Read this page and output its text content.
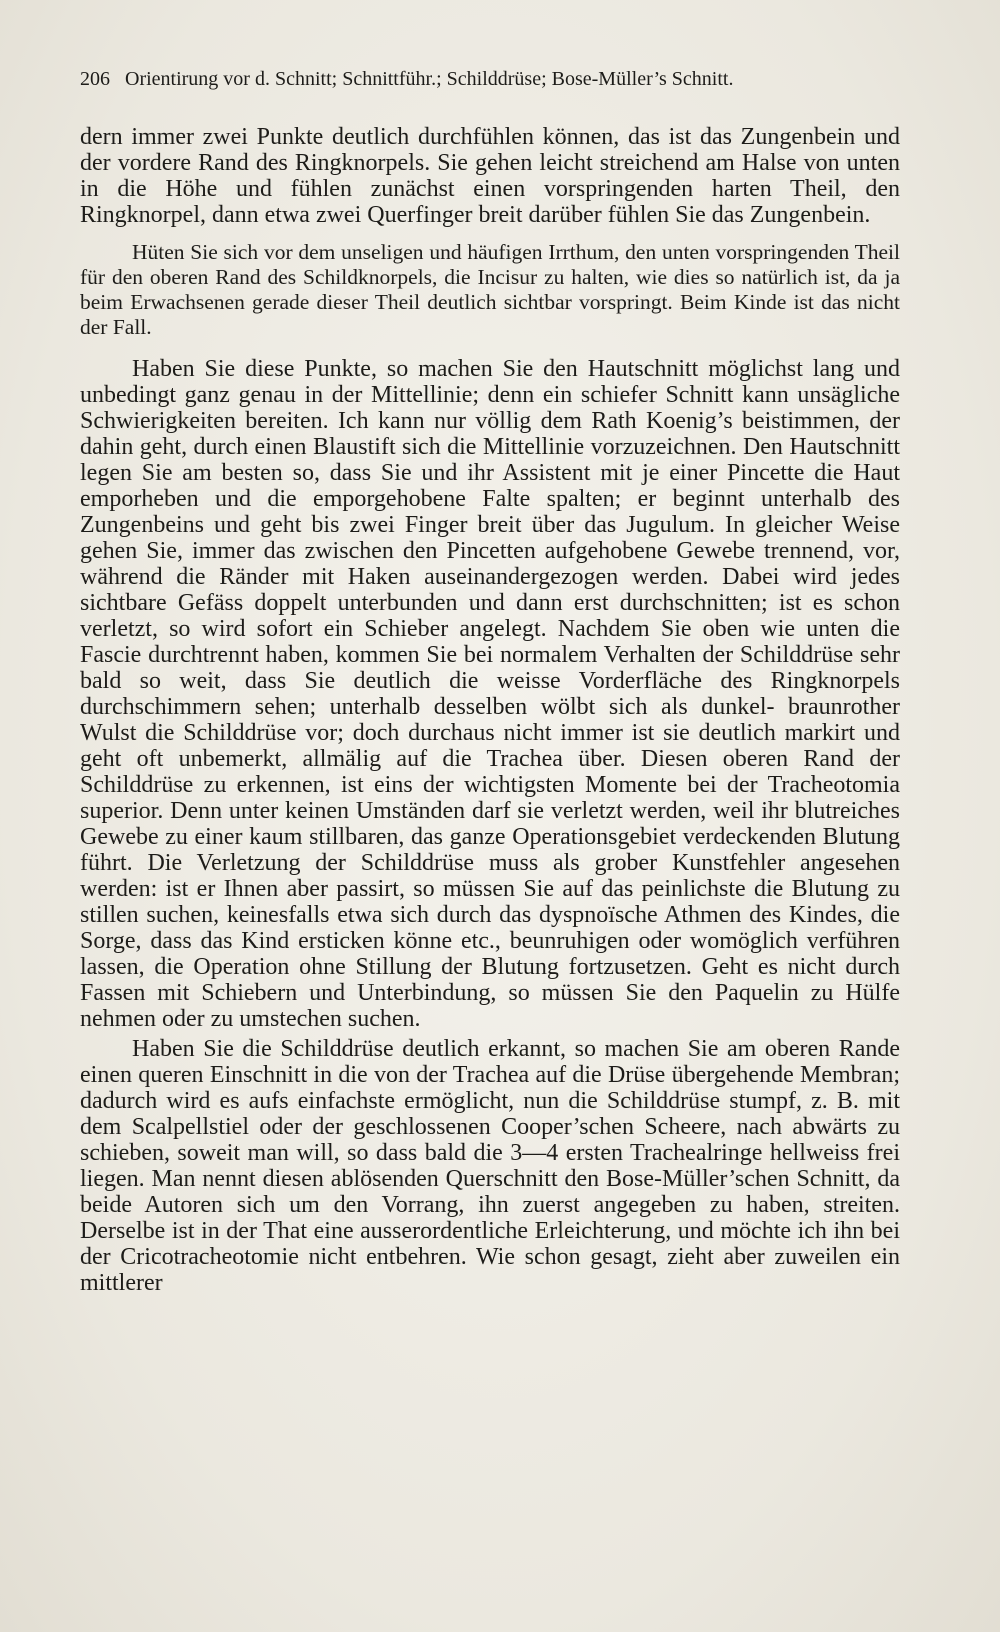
206 Orientirung vor d. Schnitt; Schnittführ.; Schilddrüse; Bose-Müller’s Schnitt.

dern immer zwei Punkte deutlich durchfühlen können, das ist das Zungenbein und der vordere Rand des Ringknorpels. Sie gehen leicht streichend am Halse von unten in die Höhe und fühlen zunächst einen vorspringenden harten Theil, den Ringknorpel, dann etwa zwei Querfinger breit darüber fühlen Sie das Zungenbein.

Hüten Sie sich vor dem unseligen und häufigen Irrthum, den unten vorspringenden Theil für den oberen Rand des Schildknorpels, die Incisur zu halten, wie dies so natürlich ist, da ja beim Erwachsenen gerade dieser Theil deutlich sichtbar vorspringt. Beim Kinde ist das nicht der Fall.

Haben Sie diese Punkte, so machen Sie den Hautschnitt möglichst lang und unbedingt ganz genau in der Mittellinie; denn ein schiefer Schnitt kann unsägliche Schwierigkeiten bereiten. Ich kann nur völlig dem Rath Koenig’s beistimmen, der dahin geht, durch einen Blaustift sich die Mittellinie vorzuzeichnen. Den Hautschnitt legen Sie am besten so, dass Sie und ihr Assistent mit je einer Pincette die Haut emporheben und die emporgehobene Falte spalten; er beginnt unterhalb des Zungenbeins und geht bis zwei Finger breit über das Jugulum. In gleicher Weise gehen Sie, immer das zwischen den Pincetten aufgehobene Gewebe trennend, vor, während die Ränder mit Haken auseinandergezogen werden. Dabei wird jedes sichtbare Gefäss doppelt unterbunden und dann erst durchschnitten; ist es schon verletzt, so wird sofort ein Schieber angelegt. Nachdem Sie oben wie unten die Fascie durchtrennt haben, kommen Sie bei normalem Verhalten der Schilddrüse sehr bald so weit, dass Sie deutlich die weisse Vorderfläche des Ringknorpels durchschimmern sehen; unterhalb desselben wölbt sich als dunkel- braunrother Wulst die Schilddrüse vor; doch durchaus nicht immer ist sie deutlich markirt und geht oft unbemerkt, allmälig auf die Trachea über. Diesen oberen Rand der Schilddrüse zu erkennen, ist eins der wichtigsten Momente bei der Tracheotomia superior. Denn unter keinen Umständen darf sie verletzt werden, weil ihr blutreiches Gewebe zu einer kaum stillbaren, das ganze Operationsgebiet verdeckenden Blutung führt. Die Verletzung der Schilddrüse muss als grober Kunstfehler angesehen werden: ist er Ihnen aber passirt, so müssen Sie auf das peinlichste die Blutung zu stillen suchen, keinesfalls etwa sich durch das dyspnoïsche Athmen des Kindes, die Sorge, dass das Kind ersticken könne etc., beunruhigen oder womöglich verführen lassen, die Operation ohne Stillung der Blutung fortzusetzen. Geht es nicht durch Fassen mit Schiebern und Unterbindung, so müssen Sie den Paquelin zu Hülfe nehmen oder zu umstechen suchen.

Haben Sie die Schilddrüse deutlich erkannt, so machen Sie am oberen Rande einen queren Einschnitt in die von der Trachea auf die Drüse übergehende Membran; dadurch wird es aufs einfachste ermöglicht, nun die Schilddrüse stumpf, z. B. mit dem Scalpellstiel oder der geschlossenen Cooper’schen Scheere, nach abwärts zu schieben, soweit man will, so dass bald die 3—4 ersten Trachealringe hellweiss frei liegen. Man nennt diesen ablösenden Querschnitt den Bose-Müller’schen Schnitt, da beide Autoren sich um den Vorrang, ihn zuerst angegeben zu haben, streiten. Derselbe ist in der That eine ausserordentliche Erleichterung, und möchte ich ihn bei der Cricotracheotomie nicht entbehren. Wie schon gesagt, zieht aber zuweilen ein mittlerer
